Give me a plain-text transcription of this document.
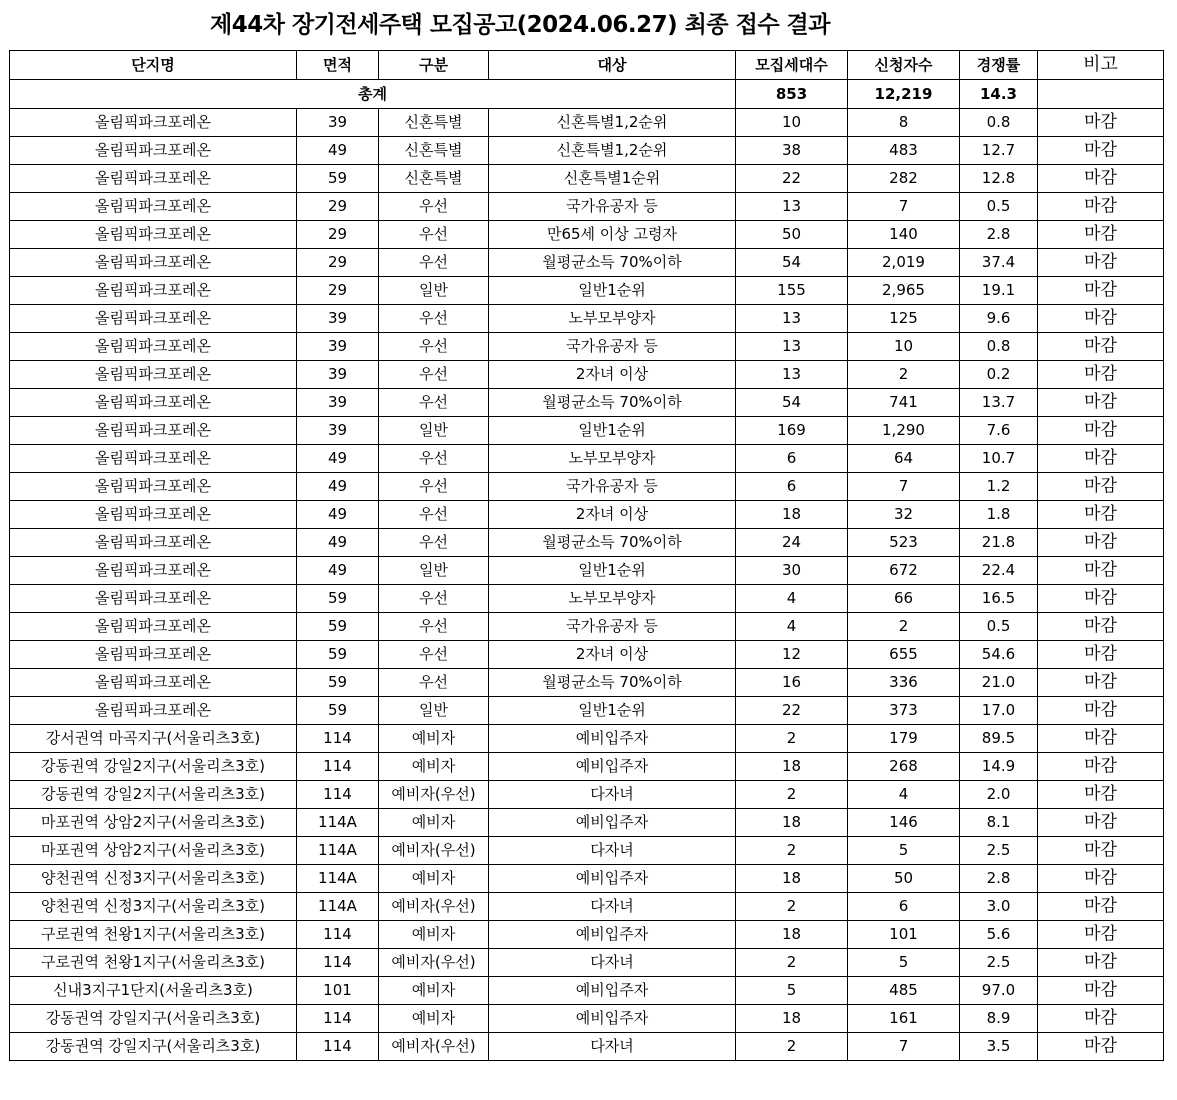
제44차 장기전세주택 모집공고(2024.06.27) 최종 접수 결과
단지명	면적	구분	대상	모집세대수	신청자수	경쟁률	비고
총계				853	12,219	14.3	
올림픽파크포레온	39	신혼특별	신혼특별1,2순위	10	8	0.8	마감
올림픽파크포레온	49	신혼특별	신혼특별1,2순위	38	483	12.7	마감
올림픽파크포레온	59	신혼특별	신혼특별1순위	22	282	12.8	마감
올림픽파크포레온	29	우선	국가유공자 등	13	7	0.5	마감
올림픽파크포레온	29	우선	만65세 이상 고령자	50	140	2.8	마감
올림픽파크포레온	29	우선	월평균소득 70%이하	54	2,019	37.4	마감
올림픽파크포레온	29	일반	일반1순위	155	2,965	19.1	마감
올림픽파크포레온	39	우선	노부모부양자	13	125	9.6	마감
올림픽파크포레온	39	우선	국가유공자 등	13	10	0.8	마감
올림픽파크포레온	39	우선	2자녀 이상	13	2	0.2	마감
올림픽파크포레온	39	우선	월평균소득 70%이하	54	741	13.7	마감
올림픽파크포레온	39	일반	일반1순위	169	1,290	7.6	마감
올림픽파크포레온	49	우선	노부모부양자	6	64	10.7	마감
올림픽파크포레온	49	우선	국가유공자 등	6	7	1.2	마감
올림픽파크포레온	49	우선	2자녀 이상	18	32	1.8	마감
올림픽파크포레온	49	우선	월평균소득 70%이하	24	523	21.8	마감
올림픽파크포레온	49	일반	일반1순위	30	672	22.4	마감
올림픽파크포레온	59	우선	노부모부양자	4	66	16.5	마감
올림픽파크포레온	59	우선	국가유공자 등	4	2	0.5	마감
올림픽파크포레온	59	우선	2자녀 이상	12	655	54.6	마감
올림픽파크포레온	59	우선	월평균소득 70%이하	16	336	21.0	마감
올림픽파크포레온	59	일반	일반1순위	22	373	17.0	마감
강서권역 마곡지구(서울리츠3호)	114	예비자	예비입주자	2	179	89.5	마감
강동권역 강일2지구(서울리츠3호)	114	예비자	예비입주자	18	268	14.9	마감
강동권역 강일2지구(서울리츠3호)	114	예비자(우선)	다자녀	2	4	2.0	마감
마포권역 상암2지구(서울리츠3호)	114A	예비자	예비입주자	18	146	8.1	마감
마포권역 상암2지구(서울리츠3호)	114A	예비자(우선)	다자녀	2	5	2.5	마감
양천권역 신정3지구(서울리츠3호)	114A	예비자	예비입주자	18	50	2.8	마감
양천권역 신정3지구(서울리츠3호)	114A	예비자(우선)	다자녀	2	6	3.0	마감
구로권역 천왕1지구(서울리츠3호)	114	예비자	예비입주자	18	101	5.6	마감
구로권역 천왕1지구(서울리츠3호)	114	예비자(우선)	다자녀	2	5	2.5	마감
신내3지구1단지(서울리츠3호)	101	예비자	예비입주자	5	485	97.0	마감
강동권역 강일지구(서울리츠3호)	114	예비자	예비입주자	18	161	8.9	마감
강동권역 강일지구(서울리츠3호)	114	예비자(우선)	다자녀	2	7	3.5	마감
